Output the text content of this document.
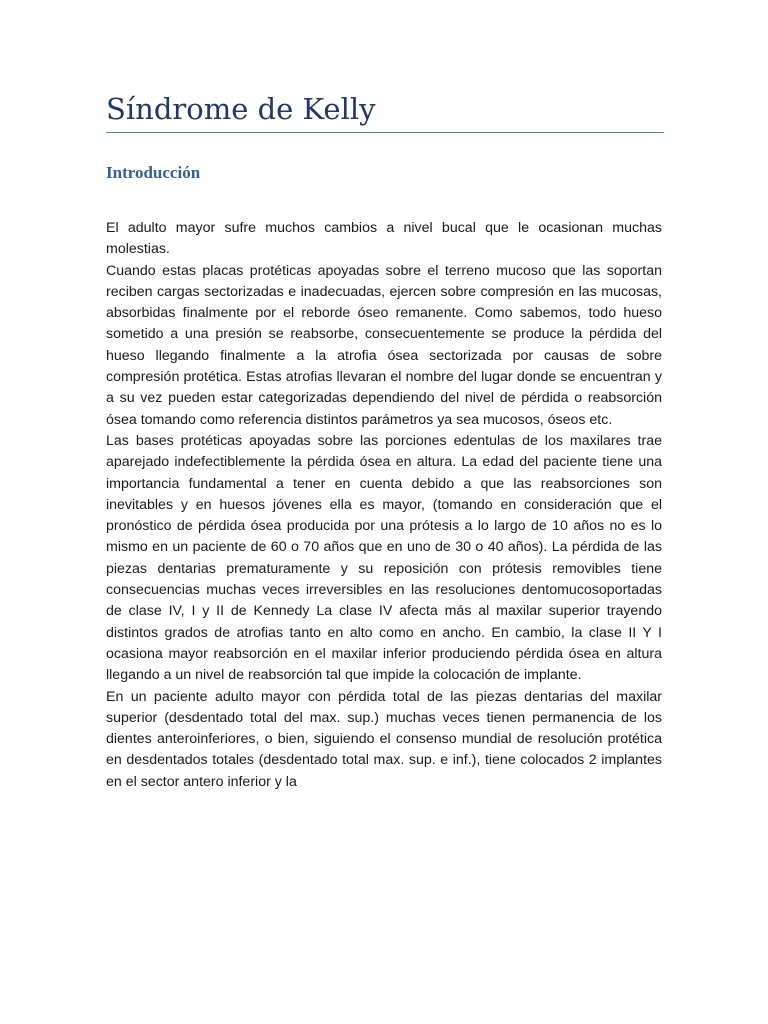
Síndrome de Kelly
Introducción

El adulto mayor sufre muchos cambios a nivel bucal que le ocasionan muchas molestias.

Cuando estas placas protéticas apoyadas sobre el terreno mucoso que las soportan reciben cargas sectorizadas e inadecuadas, ejercen sobre compresión en las mucosas, absorbidas finalmente por el reborde óseo remanente. Como sabemos, todo hueso sometido a una presión se reabsorbe, consecuentemente se produce la pérdida del hueso llegando finalmente a la atrofia ósea sectorizada por causas de sobre compresión protética. Estas atrofias llevaran el nombre del lugar donde se encuentran y a su vez pueden estar categorizadas dependiendo del nivel de pérdida o reabsorción ósea tomando como referencia distintos parámetros ya sea mucosos, óseos etc.

Las bases protéticas apoyadas sobre las porciones edentulas de los maxilares trae aparejado indefectiblemente la pérdida ósea en altura. La edad del paciente tiene una importancia fundamental a tener en cuenta debido a que las reabsorciones son inevitables y en huesos jóvenes ella es mayor, (tomando en consideración que el pronóstico de pérdida ósea producida por una prótesis a lo largo de 10 años no es lo mismo en un paciente de 60 o 70 años que en uno de 30 o 40 años). La pérdida de las piezas dentarias prematuramente y su reposición con prótesis removibles tiene consecuencias muchas veces irreversibles en las resoluciones dentomucosoportadas de clase IV, I y II de Kennedy La clase IV afecta más al maxilar superior trayendo distintos grados de atrofias tanto en alto como en ancho. En cambio, la clase II Y I ocasiona mayor reabsorción en el maxilar inferior produciendo pérdida ósea en altura llegando a un nivel de reabsorción tal que impide la colocación de implante.

En un paciente adulto mayor con pérdida total de las piezas dentarias del maxilar superior (desdentado total del max. sup.) muchas veces tienen permanencia de los dientes anteroinferiores, o bien, siguiendo el consenso mundial de resolución protética en desdentados totales (desdentado total max. sup. e inf.), tiene colocados 2 implantes en el sector antero inferior y la
